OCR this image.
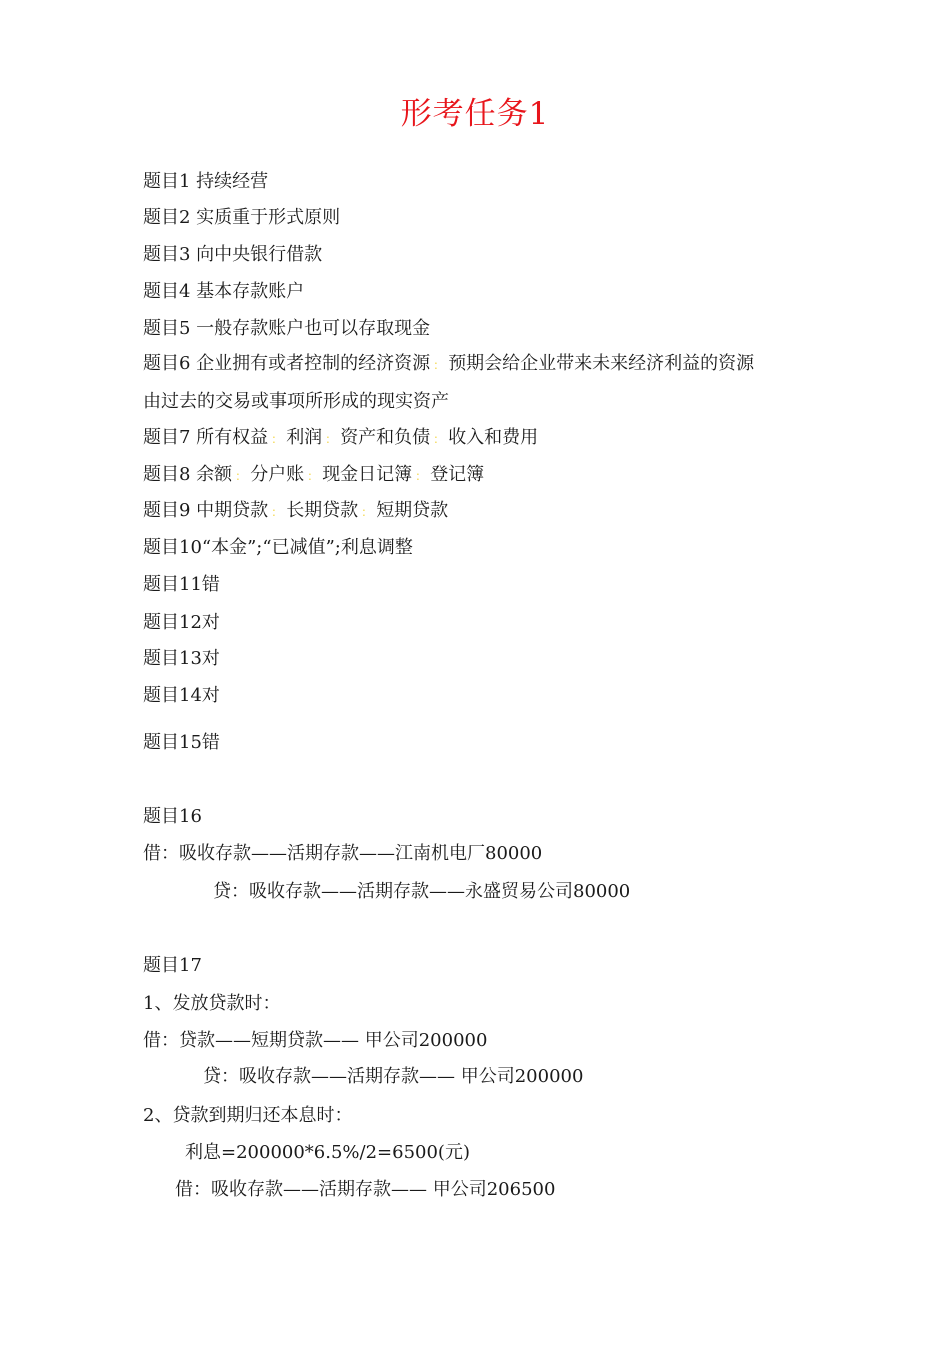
形考任务1
题目1 持续经营
题目2 实质重于形式原则
题目3 向中央银行借款
题目4 基本存款账户
题目5 一般存款账户也可以存取现金
题目6 企业拥有或者控制的经济资源 ： 预期会给企业带来未来经济利益的资源
由过去的交易或事项所形成的现实资产
题目7 所有权益 ： 利润 ： 资产和负债 ： 收入和费用
题目8 余额 ： 分户账 ： 现金日记簿 ： 登记簿
题目9 中期贷款 ： 长期贷款 ： 短期贷款
题目10“本金”;“已减值”;利息调整
题目11错
题目12对
题目13对
题目14对
题目15错
题目16
借：吸收存款——活期存款——江南机电厂80000
贷：吸收存款——活期存款——永盛贸易公司80000
题目17
1、发放贷款时：
借：贷款——短期贷款—— 甲公司200000
贷：吸收存款——活期存款—— 甲公司200000
2、贷款到期归还本息时：
利息=200000*6.5%/2=6500(元)
借：吸收存款——活期存款—— 甲公司206500
